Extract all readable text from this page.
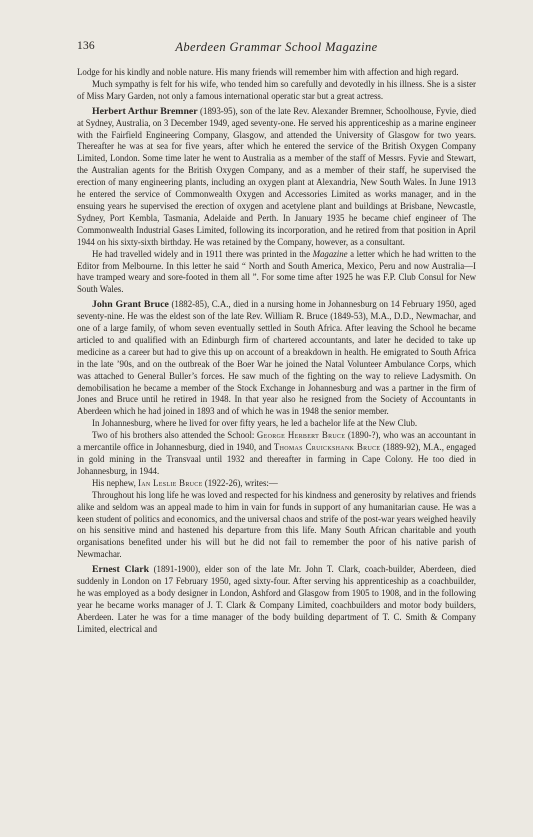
136	Aberdeen Grammar School Magazine

Lodge for his kindly and noble nature. His many friends will remember him with affection and high regard.

Much sympathy is felt for his wife, who tended him so carefully and devotedly in his illness. She is a sister of Miss Mary Garden, not only a famous international operatic star but a great actress.

Herbert Arthur Bremner (1893-95), son of the late Rev. Alexander Bremner, Schoolhouse, Fyvie, died at Sydney, Australia, on 3 December 1949, aged seventy-one. He served his apprenticeship as a marine engineer with the Fairfield Engineering Company, Glasgow, and attended the University of Glasgow for two years. Thereafter he was at sea for five years, after which he entered the service of the British Oxygen Company Limited, London. Some time later he went to Australia as a member of the staff of Messrs. Fyvie and Stewart, the Australian agents for the British Oxygen Company, and as a member of their staff, he supervised the erection of many engineering plants, including an oxygen plant at Alexandria, New South Wales. In June 1913 he entered the service of Commonwealth Oxygen and Accessories Limited as works manager, and in the ensuing years he supervised the erection of oxygen and acetylene plant and buildings at Brisbane, Newcastle, Sydney, Port Kembla, Tasmania, Adelaide and Perth. In January 1935 he became chief engineer of The Commonwealth Industrial Gases Limited, following its incorporation, and he retired from that position in April 1944 on his sixty-sixth birthday. He was retained by the Company, however, as a consultant.

He had travelled widely and in 1911 there was printed in the Magazine a letter which he had written to the Editor from Melbourne. In this letter he said “ North and South America, Mexico, Peru and now Australia—I have tramped weary and sore-footed in them all ”. For some time after 1925 he was F.P. Club Consul for New South Wales.

John Grant Bruce (1882-85), C.A., died in a nursing home in Johannesburg on 14 February 1950, aged seventy-nine. He was the eldest son of the late Rev. William R. Bruce (1849-53), M.A., D.D., Newmachar, and one of a large family, of whom seven eventually settled in South Africa. After leaving the School he became articled to and qualified with an Edinburgh firm of chartered accountants, and later he decided to take up medicine as a career but had to give this up on account of a breakdown in health. He emigrated to South Africa in the late ’90s, and on the outbreak of the Boer War he joined the Natal Volunteer Ambulance Corps, which was attached to General Buller’s forces. He saw much of the fighting on the way to relieve Ladysmith. On demobilisation he became a member of the Stock Exchange in Johannesburg and was a partner in the firm of Jones and Bruce until he retired in 1948. In that year also he resigned from the Society of Accountants in Aberdeen which he had joined in 1893 and of which he was in 1948 the senior member.

In Johannesburg, where he lived for over fifty years, he led a bachelor life at the New Club.

Two of his brothers also attended the School: George Herbert Bruce (1890-?), who was an accountant in a mercantile office in Johannesburg, died in 1940, and Thomas Cruickshank Bruce (1889-92), M.A., engaged in gold mining in the Transvaal until 1932 and thereafter in farming in Cape Colony. He too died in Johannesburg, in 1944.

His nephew, Ian Leslie Bruce (1922-26), writes:—

Throughout his long life he was loved and respected for his kindness and generosity by relatives and friends alike and seldom was an appeal made to him in vain for funds in support of any humanitarian cause. He was a keen student of politics and economics, and the universal chaos and strife of the post-war years weighed heavily on his sensitive mind and hastened his departure from this life. Many South African charitable and youth organisations benefited under his will but he did not fail to remember the poor of his native parish of Newmachar.

Ernest Clark (1891-1900), elder son of the late Mr. John T. Clark, coach-builder, Aberdeen, died suddenly in London on 17 February 1950, aged sixty-four. After serving his apprenticeship as a coachbuilder, he was employed as a body designer in London, Ashford and Glasgow from 1905 to 1908, and in the following year he became works manager of J. T. Clark & Company Limited, coachbuilders and motor body builders, Aberdeen. Later he was for a time manager of the body building department of T. C. Smith & Company Limited, electrical and
